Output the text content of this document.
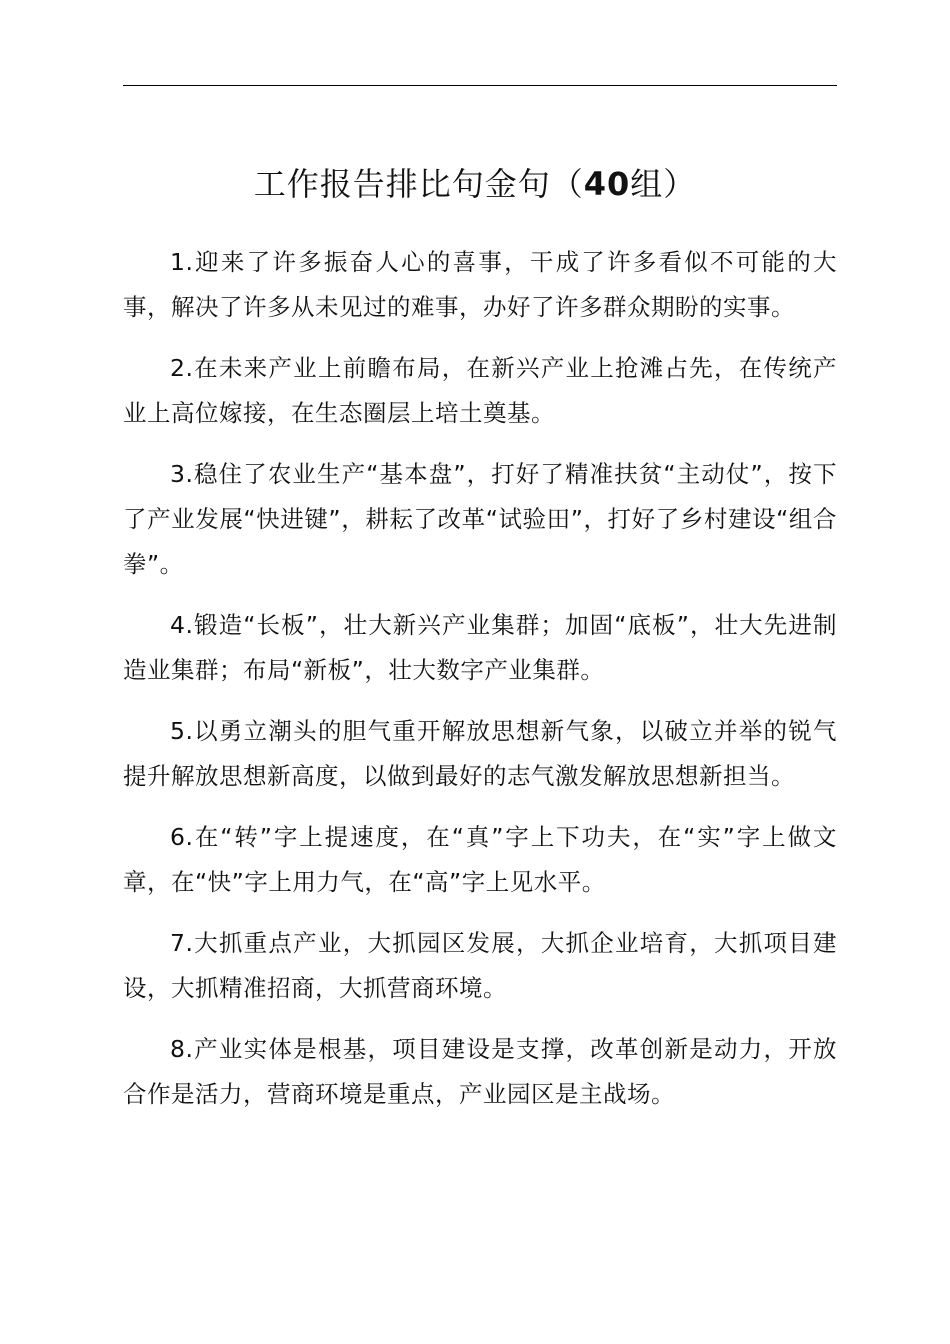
工作报告排比句金句（40组）

1.迎来了许多振奋人心的喜事，干成了许多看似不可能的大事，解决了许多从未见过的难事，办好了许多群众期盼的实事。

2.在未来产业上前瞻布局，在新兴产业上抢滩占先，在传统产业上高位嫁接，在生态圈层上培土奠基。

3.稳住了农业生产“基本盘”，打好了精准扶贫“主动仗”，按下了产业发展“快进键”，耕耘了改革“试验田”，打好了乡村建设“组合拳”。

4.锻造“长板”，壮大新兴产业集群；加固“底板”，壮大先进制造业集群；布局“新板”，壮大数字产业集群。

5.以勇立潮头的胆气重开解放思想新气象，以破立并举的锐气提升解放思想新高度，以做到最好的志气激发解放思想新担当。

6.在“转”字上提速度，在“真”字上下功夫，在“实”字上做文章，在“快”字上用力气，在“高”字上见水平。

7.大抓重点产业，大抓园区发展，大抓企业培育，大抓项目建设，大抓精准招商，大抓营商环境。

8.产业实体是根基，项目建设是支撑，改革创新是动力，开放合作是活力，营商环境是重点，产业园区是主战场。
